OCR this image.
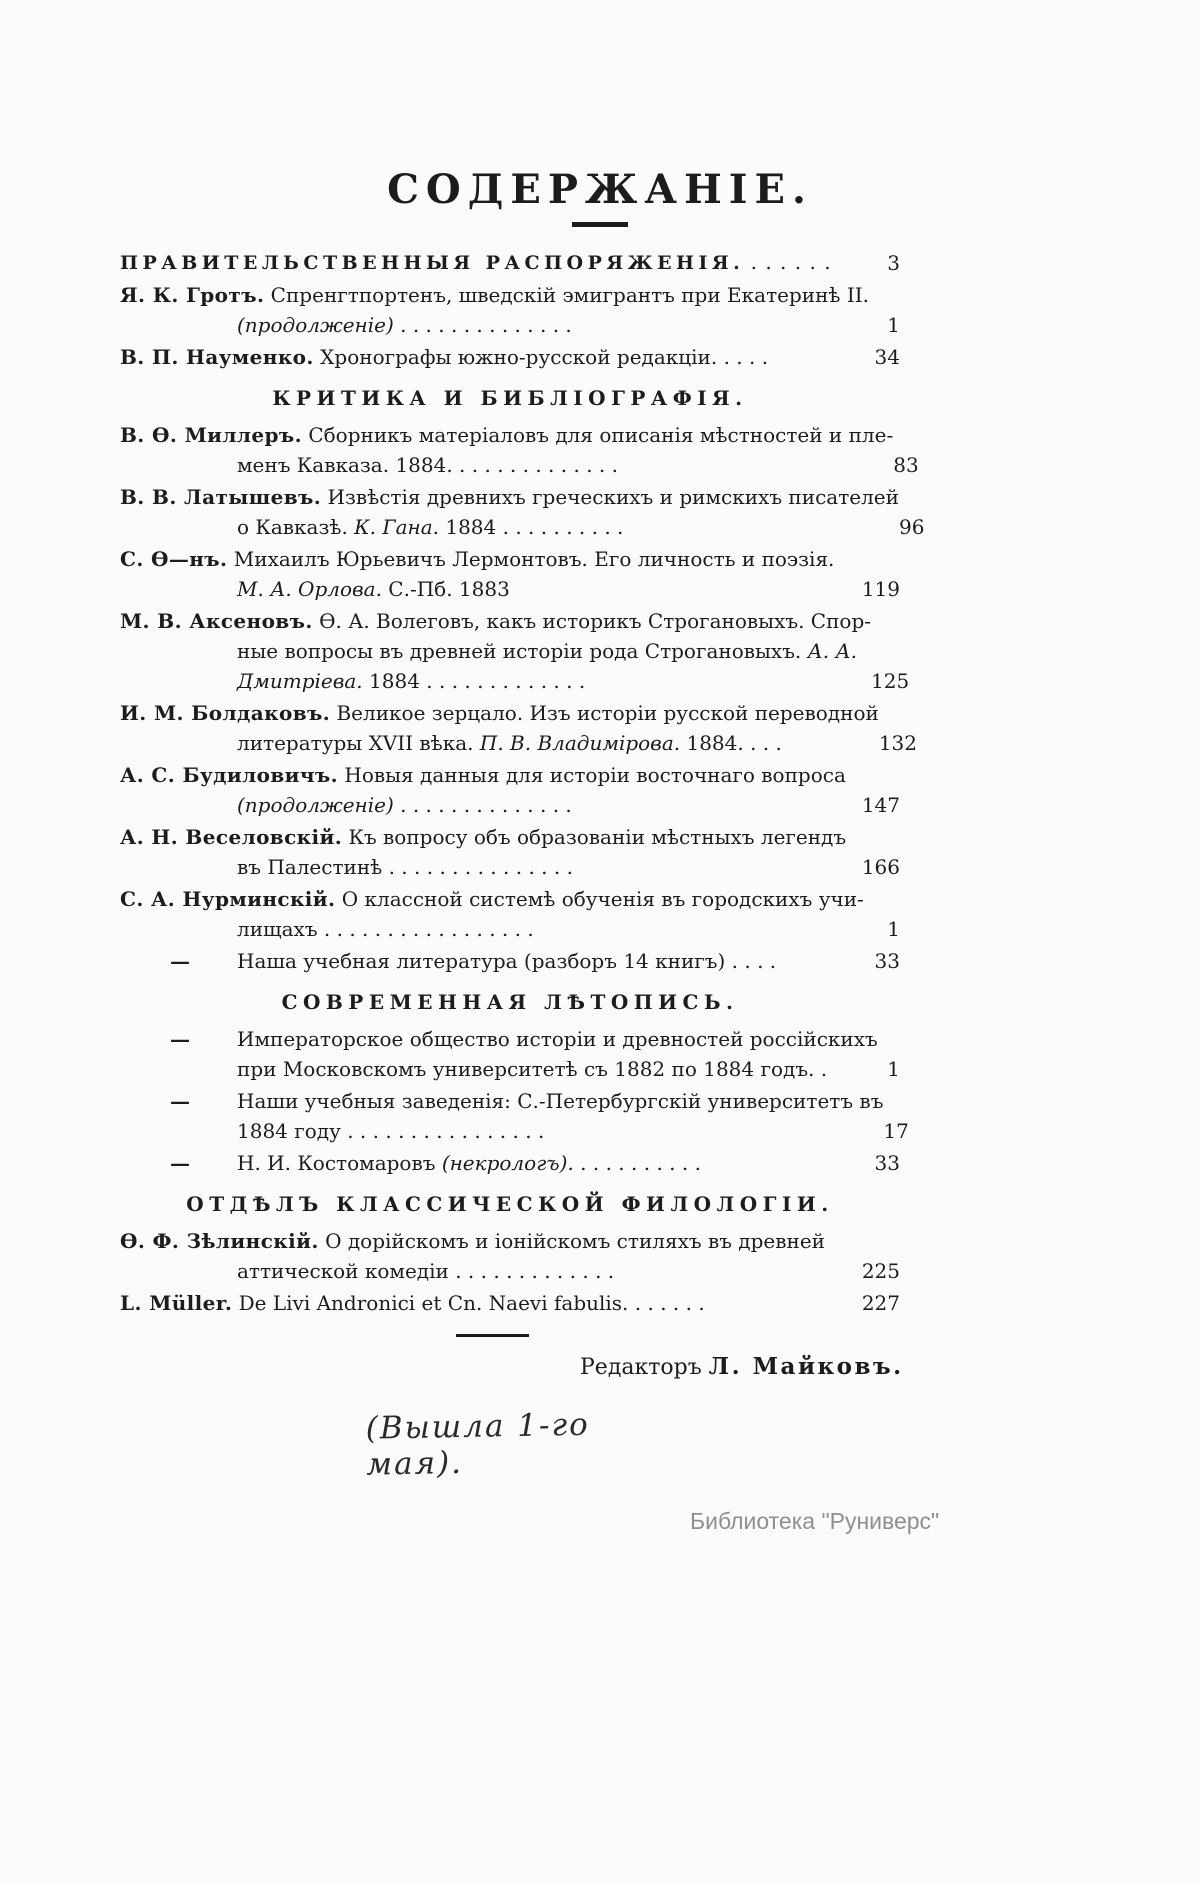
СОДЕРЖАНІЕ.
ПРАВИТЕЛЬСТВЕННЫЯ РАСПОРЯЖЕНІЯ. . . . . . .	3
Я. К. Гротъ. Спренгтпортенъ, шведскій эмигрантъ при Екатеринѣ II.
(продолженіе) . . . . . . . . . . . . . .	1
В. П. Науменко. Хронографы южно-русской редакціи. . . . .	34
КРИТИКА И БИБЛІОГРАФІЯ.
В. Ѳ. Миллеръ. Сборникъ матеріаловъ для описанія мѣстностей и пле-
менъ Кавказа. 1884. . . . . . . . . . . . . .	83
В. В. Латышевъ. Извѣстія древнихъ греческихъ и римскихъ писателей
о Кавказѣ. К. Гана. 1884 . . . . . . . . . .	96
С. Ѳ—нъ. Михаилъ Юрьевичъ Лермонтовъ. Его личность и поэзія.
М. А. Орлова. С.-Пб. 1883	119
М. В. Аксеновъ. Ѳ. А. Волеговъ, какъ историкъ Строгановыхъ. Спор-
ные вопросы въ древней исторіи рода Строгановыхъ. А. А.
Дмитріева. 1884 . . . . . . . . . . . . .	125
И. М. Болдаковъ. Великое зерцало. Изъ исторіи русской переводной
литературы XVII вѣка. П. В. Владимірова. 1884. . . .	132
А. С. Будиловичъ. Новыя данныя для исторіи восточнаго вопроса
(продолженіе) . . . . . . . . . . . . . .	147
А. Н. Веселовскій. Къ вопросу объ образованіи мѣстныхъ легендъ
въ Палестинѣ . . . . . . . . . . . . . . .	166
С. А. Нурминскій. О классной системѣ обученія въ городскихъ учи-
лищахъ . . . . . . . . . . . . . . . . .	1
— Наша учебная литература (разборъ 14 книгъ) . . . .	33
СОВРЕМЕННАЯ ЛѢТОПИСЬ.
— Императорское общество исторіи и древностей россійскихъ
при Московскомъ университетѣ съ 1882 по 1884 годъ. .	1
— Наши учебныя заведенія: С.-Петербургскій университетъ въ
1884 году . . . . . . . . . . . . . . . .	17
— Н. И. Костомаровъ (некрологъ). . . . . . . . . . .	33
ОТДѢЛЪ КЛАССИЧЕСКОЙ ФИЛОЛОГІИ.
Ѳ. Ф. Зѣлинскій. О дорійскомъ и іонійскомъ стиляхъ въ древней
аттической комедіи . . . . . . . . . . . . .	225
L. Müller. De Livi Andronici et Cn. Naevi fabulis. . . . . . .	227
Редакторъ Л. Майковъ.
(Вышла 1-го мая).
Библиотека "Руниверс"
